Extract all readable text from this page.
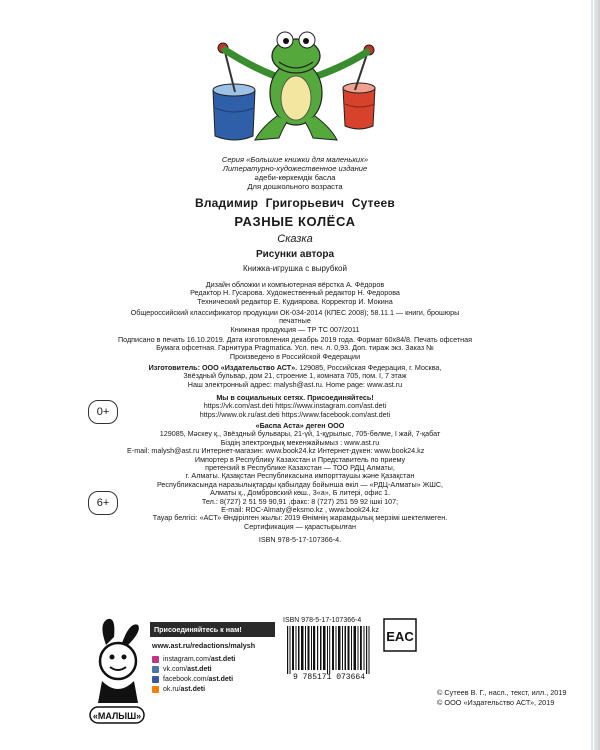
Серия «Большие книжки для маленьких»
Литературно-художественное издание
әдеби-көркемдік басла
Для дошкольного возраста
Владимир Григорьевич Сутеев
РАЗНЫЕ КОЛЁСА
Сказка
Рисунки автора
Книжка-игрушка с вырубкой
Дизайн обложки и компьютерная вёрстка А. Фёдоров
Редактор Н. Гусарова. Художественный редактор Н. Федорова
Технический редактор Е. Кудиярова. Корректор И. Мокина
Общероссийский классификатор продукции ОК-034-2014 (КПЕС 2008); 58.11.1 — книги, брошюры
печатные
Книжная продукция — ТР ТС 007/2011
Подписано в печать 16.10.2019. Дата изготовления декабрь 2019 года. Формат 60х84/8. Печать офсетная
Бумага офсетная. Гарнитура Pragmatica. Усл. печ. л. 0,93. Доп. тираж экз. Заказ №
Произведено в Российской Федерации
Изготовитель: ООО «Издательство АСТ». 129085, Российская Федерация, г. Москва,
Звёздный бульвар, дом 21, строение 1, комната 705, пом. I, 7 этаж
Наш электронный адрес: malysh@ast.ru. Home page: www.ast.ru
Мы в социальных сетях. Присоединяйтесь!
https://vk.com/ast.deti https://www.instagram.com/ast.deti
https://www.ok.ru/ast.deti https://www.facebook.com/ast.deti
0+
6+
«Баспа Аста» деген ООО
129085, Мәскеу қ., Звёздный бульвары, 21-үй, 1-құрылыс, 705-бөлме, I жай, 7-қабат
Біздің электрондық мекенжайымыз : www.ast.ru
E-mail: malysh@ast.ru Интернет-магазин: www.book24.kz Интернет-дүкен: www.book24.kz
Импортер в Республику Казахстан и Представитель по приему
претензий в Республике Казахстан — ТОО РДЦ Алматы,
г. Алматы. Қазақстан Республикасына импорттаушы және Қазақстан
Республикасында наразылықтарды қабылдау бойынша өкіл — «РДЦ-Алматы» ЖШС,
Алматы қ., Домбровский көш., 3«а», Б литері, офис 1.
Тел.: 8(727) 2 51 59 90,91 ,факс: 8 (727) 251 59 92 ішкі 107;
E-mail: RDC-Almaty@eksmo.kz , www.book24.kz
Тауар белгісі: «АСТ» Өндірілген жылы: 2019 Өнімнің жарамдылық мерзімі шектелмеген.
Сертификация — қарастырылған
ISBN 978-5-17-107366-4.
«МАЛЫШ»
Присоединяйтесь к нам!
www.ast.ru/redactions/malysh
instagram.com/ ast.deti
vk.com/ ast.deti
facebook.com/ ast.deti
ok.ru/ ast.deti
ISBN 978-5-17-107366-4
9 785171 073664
EAC
© Сутеев В. Г., насл., текст, илл., 2019
© ООО «Издательство АСТ», 2019
